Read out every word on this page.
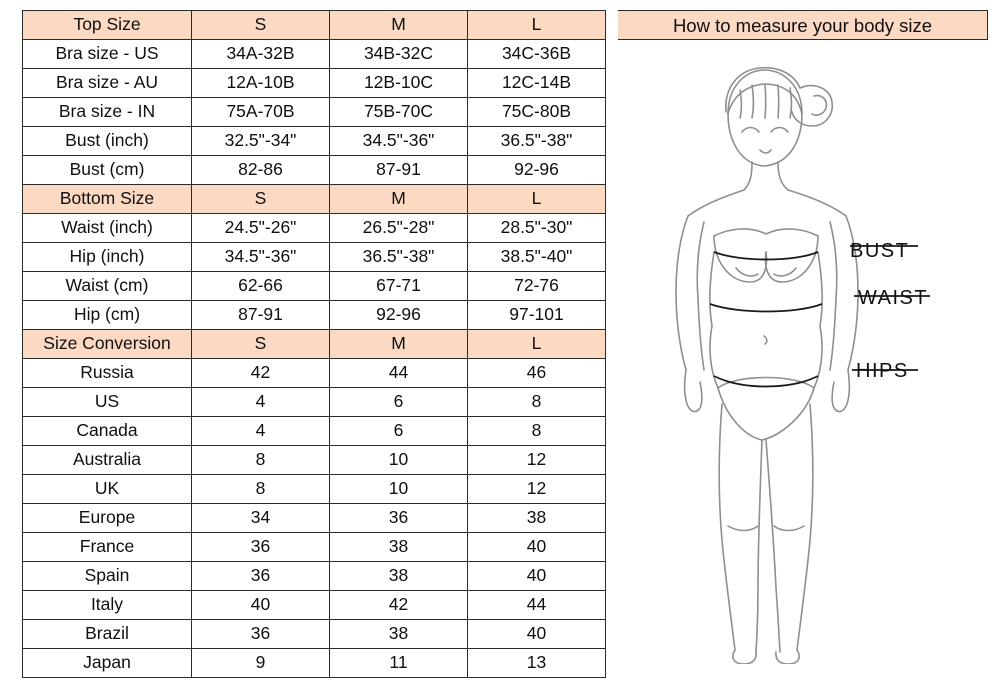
Top Size	S	M	L
Bra size - US	34A-32B	34B-32C	34C-36B
Bra size - AU	12A-10B	12B-10C	12C-14B
Bra size - IN	75A-70B	75B-70C	75C-80B
Bust (inch)	32.5"-34"	34.5"-36"	36.5"-38"
Bust (cm)	82-86	87-91	92-96
Bottom Size	S	M	L
Waist (inch)	24.5"-26"	26.5"-28"	28.5"-30"
Hip (inch)	34.5"-36"	36.5"-38"	38.5"-40"
Waist (cm)	62-66	67-71	72-76
Hip (cm)	87-91	92-96	97-101
Size Conversion	S	M	L
Russia	42	44	46
US	4	6	8
Canada	4	6	8
Australia	8	10	12
UK	8	10	12
Europe	34	36	38
France	36	38	40
Spain	36	38	40
Italy	40	42	44
Brazil	36	38	40
Japan	9	11	13
How to measure your body size
BUST
WAIST
HIPS
